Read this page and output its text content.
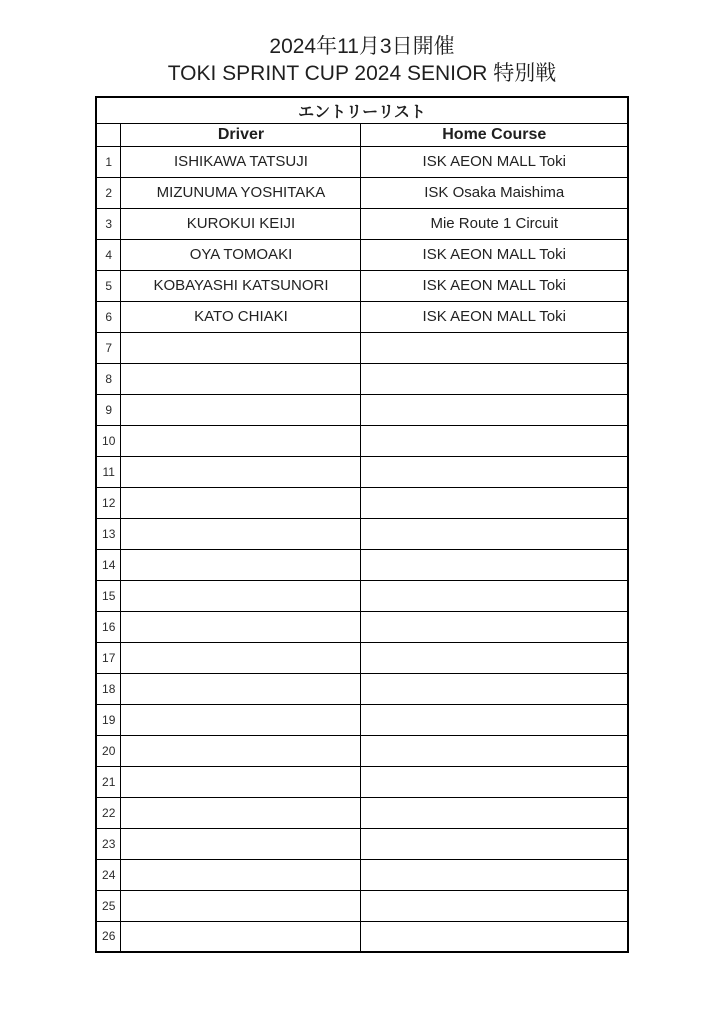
2024年11月3日開催
TOKI SPRINT CUP 2024 SENIOR 特別戦
エントリーリスト		
	Driver	Home Course
1	ISHIKAWA TATSUJI	ISK AEON MALL Toki
2	MIZUNUMA YOSHITAKA	ISK Osaka Maishima
3	KUROKUI KEIJI	Mie Route 1 Circuit
4	OYA TOMOAKI	ISK AEON MALL Toki
5	KOBAYASHI KATSUNORI	ISK AEON MALL Toki
6	KATO CHIAKI	ISK AEON MALL Toki
7		
8		
9		
10		
11		
12		
13		
14		
15		
16		
17		
18		
19		
20		
21		
22		
23		
24		
25		
26		
